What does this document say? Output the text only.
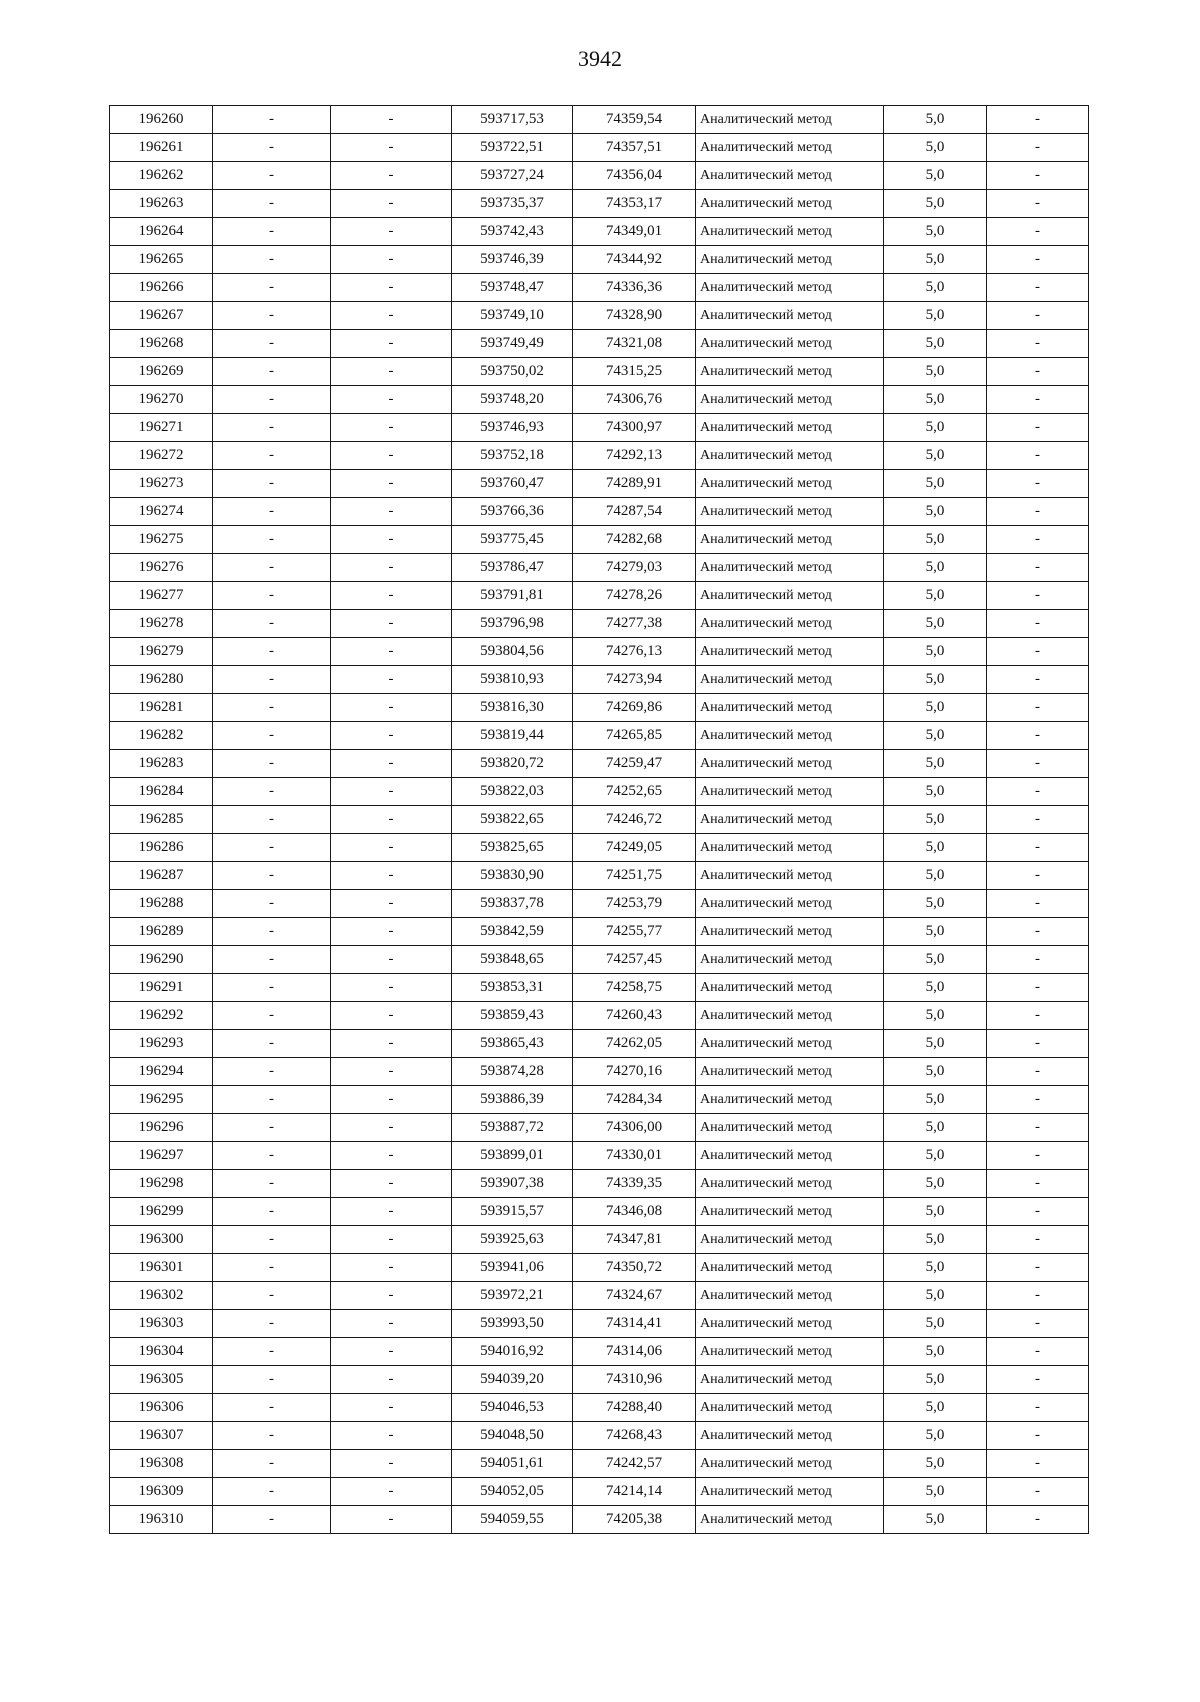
3942
196260	-	-	593717,53	74359,54	Аналитический метод	5,0	-
196261	-	-	593722,51	74357,51	Аналитический метод	5,0	-
196262	-	-	593727,24	74356,04	Аналитический метод	5,0	-
196263	-	-	593735,37	74353,17	Аналитический метод	5,0	-
196264	-	-	593742,43	74349,01	Аналитический метод	5,0	-
196265	-	-	593746,39	74344,92	Аналитический метод	5,0	-
196266	-	-	593748,47	74336,36	Аналитический метод	5,0	-
196267	-	-	593749,10	74328,90	Аналитический метод	5,0	-
196268	-	-	593749,49	74321,08	Аналитический метод	5,0	-
196269	-	-	593750,02	74315,25	Аналитический метод	5,0	-
196270	-	-	593748,20	74306,76	Аналитический метод	5,0	-
196271	-	-	593746,93	74300,97	Аналитический метод	5,0	-
196272	-	-	593752,18	74292,13	Аналитический метод	5,0	-
196273	-	-	593760,47	74289,91	Аналитический метод	5,0	-
196274	-	-	593766,36	74287,54	Аналитический метод	5,0	-
196275	-	-	593775,45	74282,68	Аналитический метод	5,0	-
196276	-	-	593786,47	74279,03	Аналитический метод	5,0	-
196277	-	-	593791,81	74278,26	Аналитический метод	5,0	-
196278	-	-	593796,98	74277,38	Аналитический метод	5,0	-
196279	-	-	593804,56	74276,13	Аналитический метод	5,0	-
196280	-	-	593810,93	74273,94	Аналитический метод	5,0	-
196281	-	-	593816,30	74269,86	Аналитический метод	5,0	-
196282	-	-	593819,44	74265,85	Аналитический метод	5,0	-
196283	-	-	593820,72	74259,47	Аналитический метод	5,0	-
196284	-	-	593822,03	74252,65	Аналитический метод	5,0	-
196285	-	-	593822,65	74246,72	Аналитический метод	5,0	-
196286	-	-	593825,65	74249,05	Аналитический метод	5,0	-
196287	-	-	593830,90	74251,75	Аналитический метод	5,0	-
196288	-	-	593837,78	74253,79	Аналитический метод	5,0	-
196289	-	-	593842,59	74255,77	Аналитический метод	5,0	-
196290	-	-	593848,65	74257,45	Аналитический метод	5,0	-
196291	-	-	593853,31	74258,75	Аналитический метод	5,0	-
196292	-	-	593859,43	74260,43	Аналитический метод	5,0	-
196293	-	-	593865,43	74262,05	Аналитический метод	5,0	-
196294	-	-	593874,28	74270,16	Аналитический метод	5,0	-
196295	-	-	593886,39	74284,34	Аналитический метод	5,0	-
196296	-	-	593887,72	74306,00	Аналитический метод	5,0	-
196297	-	-	593899,01	74330,01	Аналитический метод	5,0	-
196298	-	-	593907,38	74339,35	Аналитический метод	5,0	-
196299	-	-	593915,57	74346,08	Аналитический метод	5,0	-
196300	-	-	593925,63	74347,81	Аналитический метод	5,0	-
196301	-	-	593941,06	74350,72	Аналитический метод	5,0	-
196302	-	-	593972,21	74324,67	Аналитический метод	5,0	-
196303	-	-	593993,50	74314,41	Аналитический метод	5,0	-
196304	-	-	594016,92	74314,06	Аналитический метод	5,0	-
196305	-	-	594039,20	74310,96	Аналитический метод	5,0	-
196306	-	-	594046,53	74288,40	Аналитический метод	5,0	-
196307	-	-	594048,50	74268,43	Аналитический метод	5,0	-
196308	-	-	594051,61	74242,57	Аналитический метод	5,0	-
196309	-	-	594052,05	74214,14	Аналитический метод	5,0	-
196310	-	-	594059,55	74205,38	Аналитический метод	5,0	-
